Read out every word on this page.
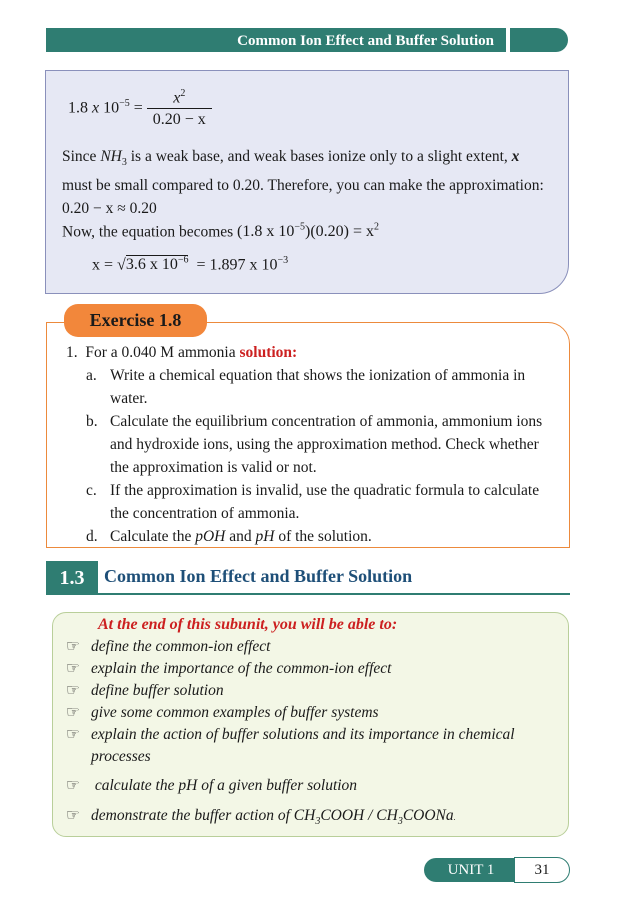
Common Ion Effect and Buffer Solution
1.8 x $10^{-5} = \frac{x^2}{0.20 - x}$
Since $NH_3$ is a weak base, and weak bases ionize only to a slight extent, x
must be small compared to 0.20. Therefore, you can make the approximation:
0.20 − x ≈ 0.20
Now, the equation becomes (1.8 x $10^{-5})(0.20) = x^2$
x = √3.6 x $10^{-6} = 1.897$ x $10^{-3}$
Exercise 1.8
1. For a 0.040 M ammonia solution:
a. Write a chemical equation that shows the ionization of ammonia in
water.
b. Calculate the equilibrium concentration of ammonia, ammonium ions
and hydroxide ions, using the approximation method. Check whether
the approximation is valid or not.
c. If the approximation is invalid, use the quadratic formula to calculate
the concentration of ammonia.
d. Calculate the pOH and pH of the solution.
1.3	Common Ion Effect and Buffer Solution
At the end of this subunit, you will be able to:
☞ define the common-ion effect
☞ explain the importance of the common-ion effect
☞ define buffer solution
☞ give some common examples of buffer systems
☞ explain the action of buffer solutions and its importance in chemical
processes
☞ calculate the pH of a given buffer solution
☞ demonstrate the buffer action of $CH_3COOH$ / $CH_3COONa$.
UNIT 1	31
